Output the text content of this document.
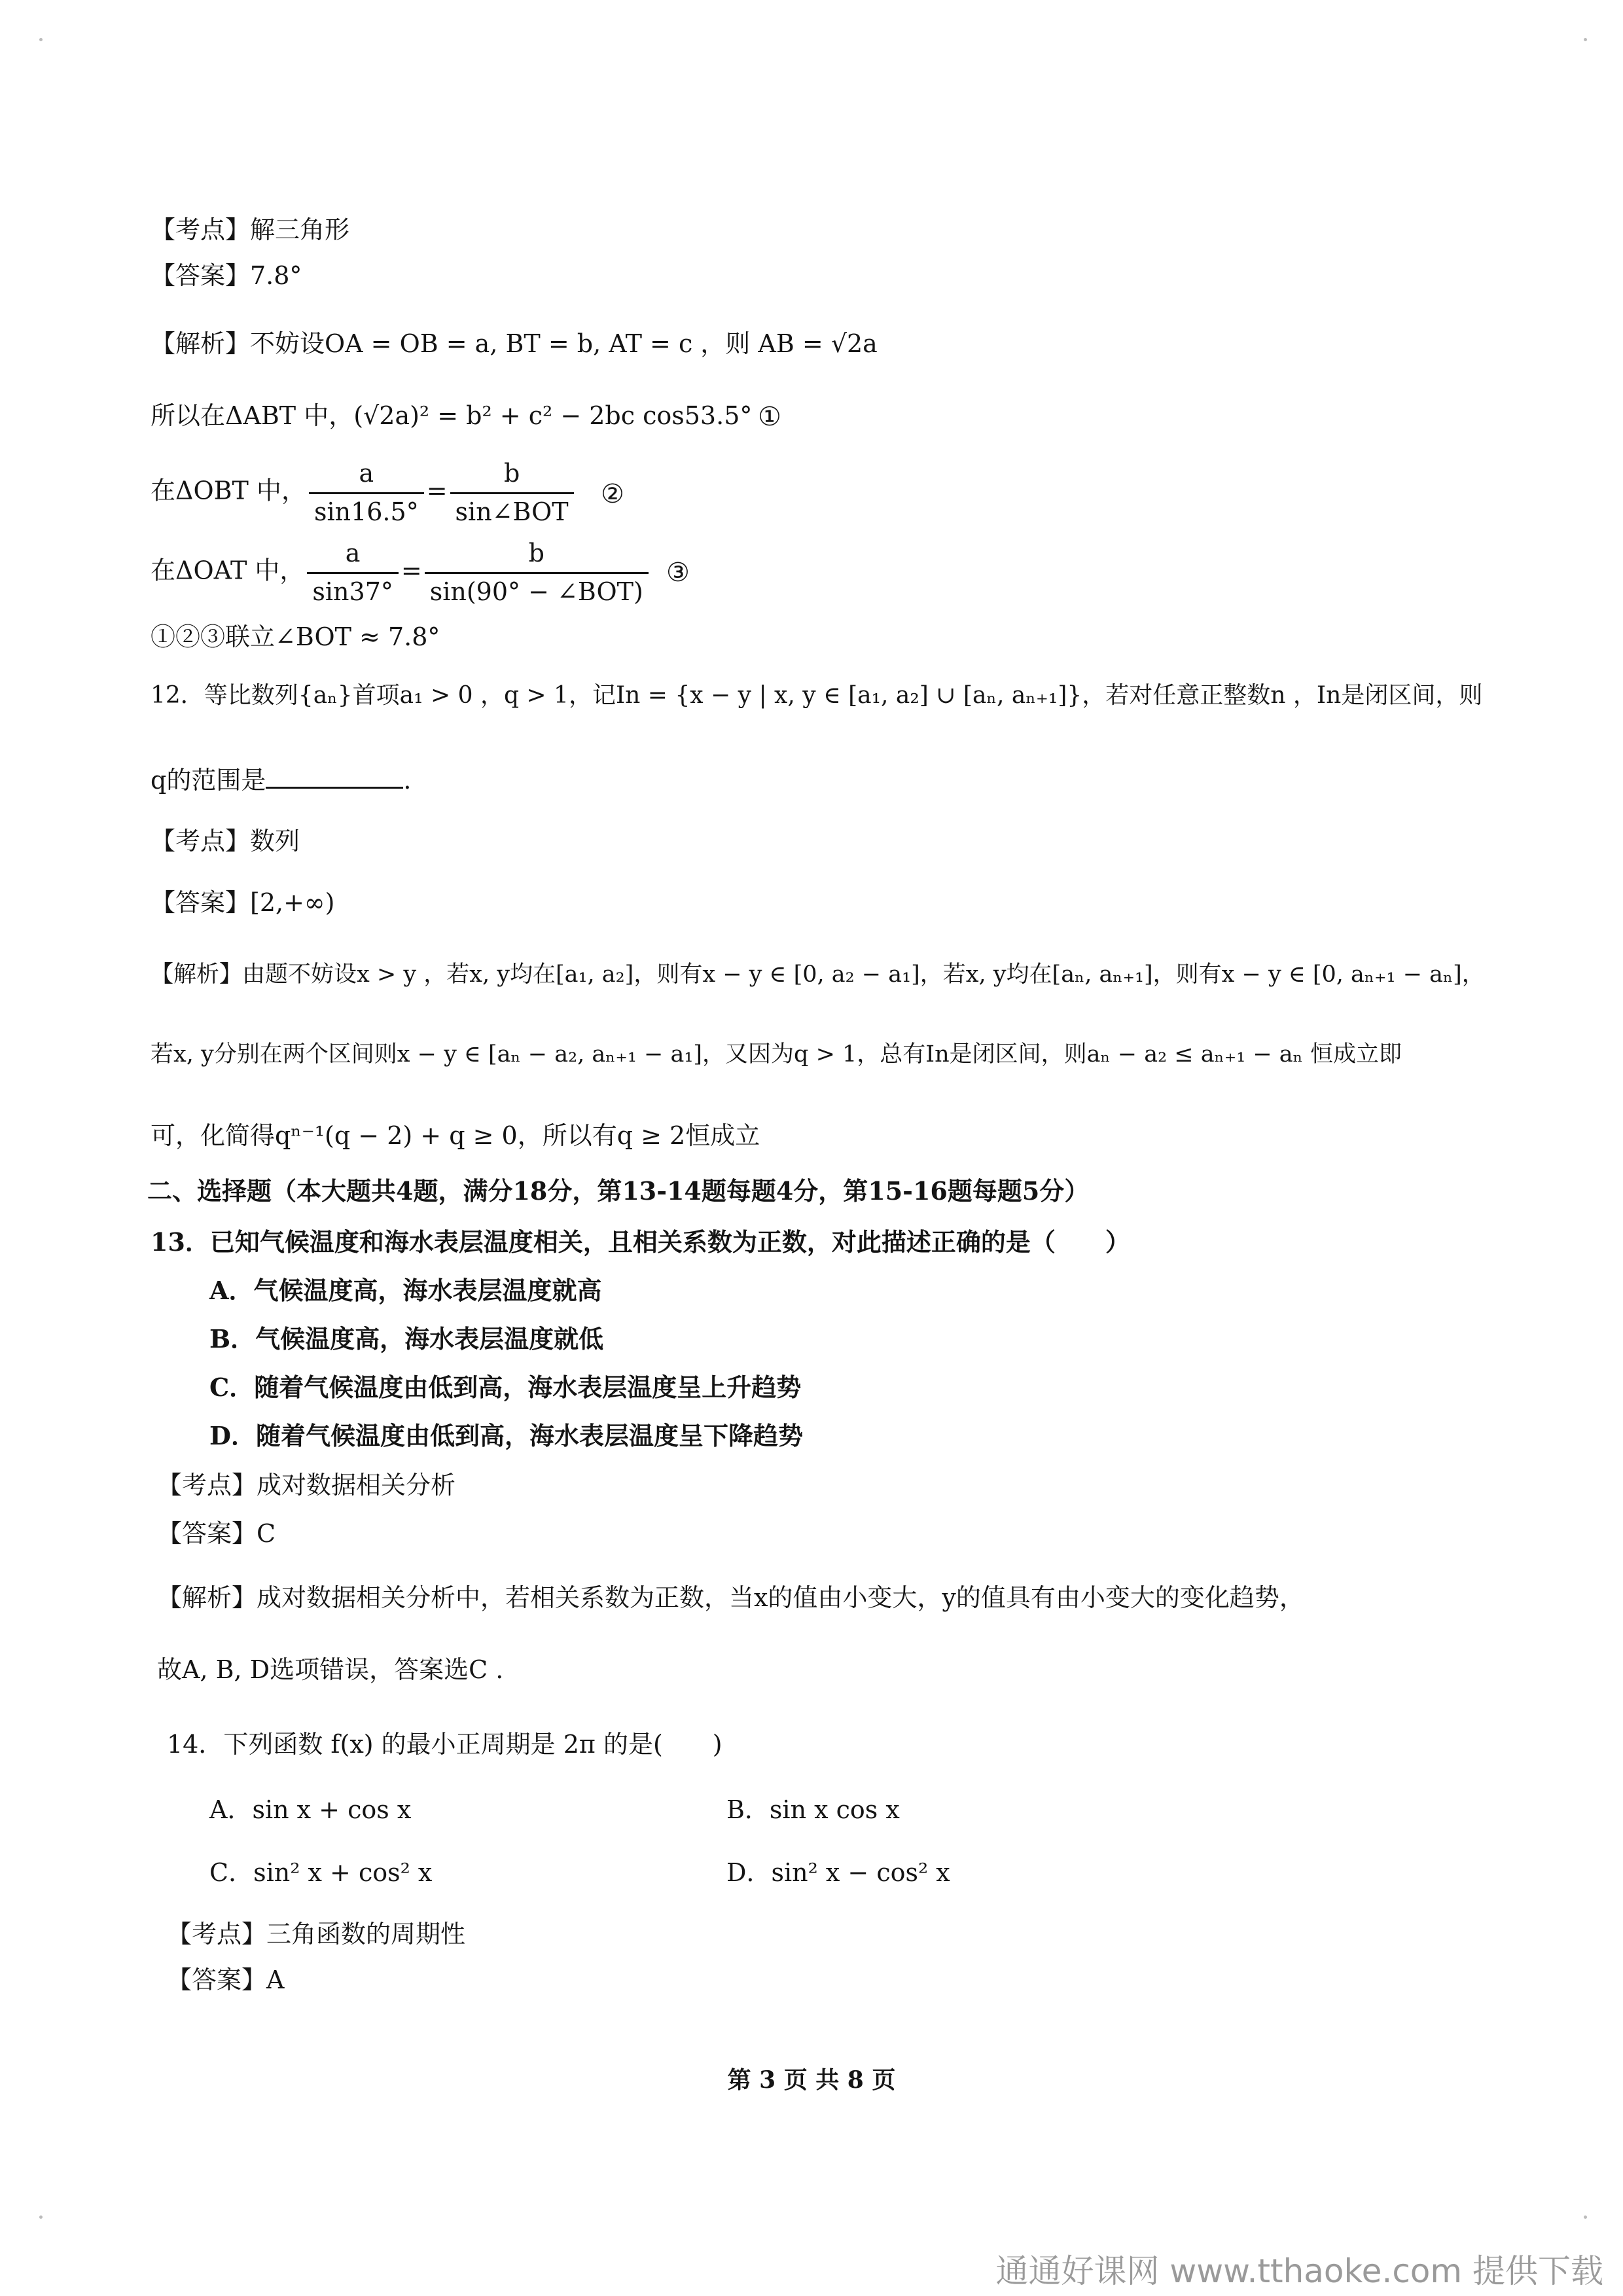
【考点】解三角形
【答案】7.8°
【解析】不妨设OA = OB = a, BT = b, AT = c ，则 AB = √2a
所以在ΔABT 中，(√2a)² = b² + c² − 2bc cos53.5° ①
在ΔOBT 中， $\frac{a}{\sin 16.5^\circ} = \frac{b}{\text{sin∠BOT}}$ ②
在ΔOAT 中， $\frac{a}{\sin 37^\circ} = \frac{b}{\text{sin(90° − ∠BOT)}}$ ③
①②③联立∠BOT ≈ 7.8°
12．等比数列{aₙ}首项a₁ > 0 ，q > 1，记In = {x − y | x, y ∈ [a₁, a₂] ∪ [aₙ, aₙ₊₁]}，若对任意正整数n ，In是闭区间，则
q的范围是	.
【考点】数列
【答案】[2,+∞)
【解析】由题不妨设x > y ，若x, y均在[a₁, a₂]，则有x − y ∈ [0, a₂ − a₁]，若x, y均在[aₙ, aₙ₊₁]，则有x − y ∈ [0, aₙ₊₁ − aₙ]，
若x, y分别在两个区间则x − y ∈ [aₙ − a₂, aₙ₊₁ − a₁]，又因为q > 1，总有In是闭区间，则aₙ − a₂ ≤ aₙ₊₁ − aₙ 恒成立即
可，化简得qⁿ⁻¹(q − 2) + q ≥ 0，所以有q ≥ 2恒成立
二、选择题（本大题共4题，满分18分，第13-14题每题4分，第15-16题每题5分）
13．已知气候温度和海水表层温度相关，且相关系数为正数，对此描述正确的是（　　）
A．气候温度高，海水表层温度就高
B．气候温度高，海水表层温度就低
C．随着气候温度由低到高，海水表层温度呈上升趋势
D．随着气候温度由低到高，海水表层温度呈下降趋势
【考点】成对数据相关分析
【答案】C
【解析】成对数据相关分析中，若相关系数为正数，当x的值由小变大，y的值具有由小变大的变化趋势，
故A, B, D选项错误，答案选C .
14．下列函数 f(x) 的最小正周期是 2π 的是(　　)
A．sin x + cos x	B．sin x cos x
C．sin² x + cos² x	D．sin² x − cos² x
【考点】三角函数的周期性
【答案】A
第 3 页 共 8 页
通通好课网 www.tthaoke.com 提供下载
